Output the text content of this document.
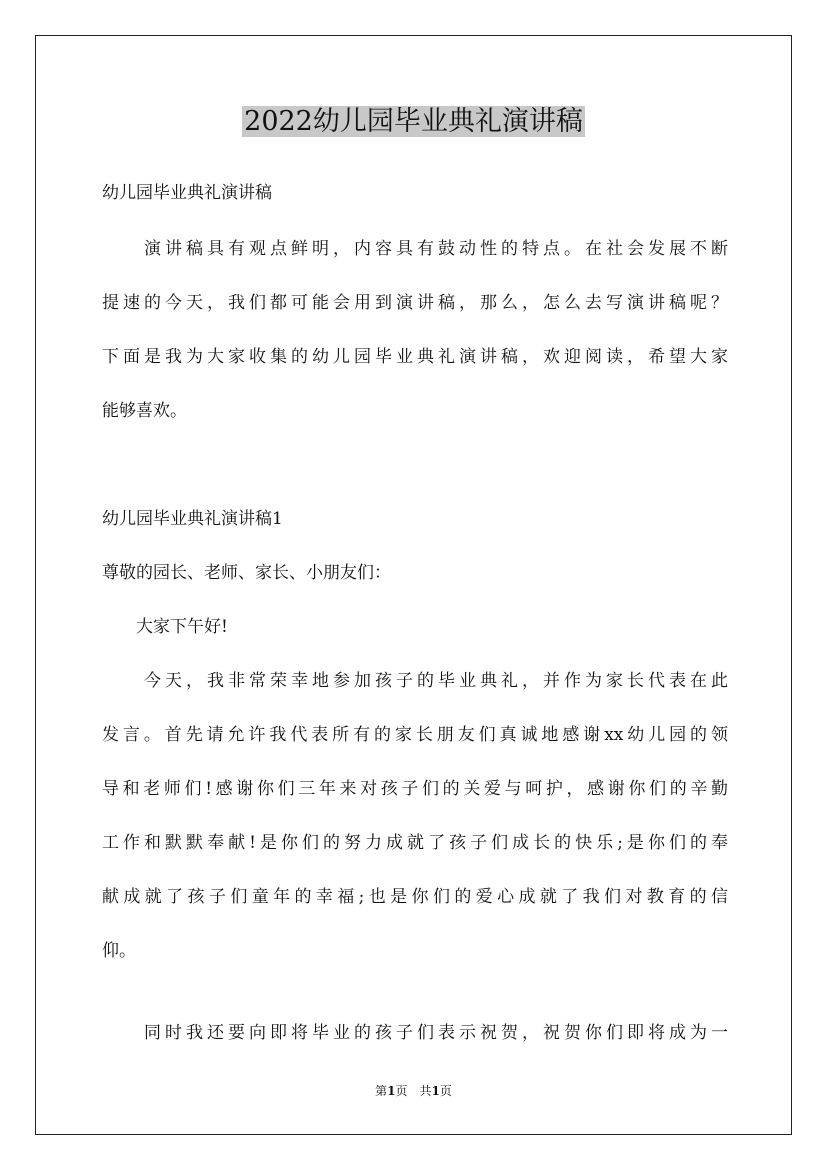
2022幼儿园毕业典礼演讲稿
幼儿园毕业典礼演讲稿
　　演讲稿具有观点鲜明，内容具有鼓动性的特点。在社会发展不断
提速的今天，我们都可能会用到演讲稿，那么，怎么去写演讲稿呢？
下面是我为大家收集的幼儿园毕业典礼演讲稿，欢迎阅读，希望大家
能够喜欢。
幼儿园毕业典礼演讲稿1
尊敬的园长、老师、家长、小朋友们：
　　大家下午好!
　　今天，我非常荣幸地参加孩子的毕业典礼，并作为家长代表在此
发言。首先请允许我代表所有的家长朋友们真诚地感谢xx幼儿园的领
导和老师们!感谢你们三年来对孩子们的关爱与呵护，感谢你们的辛勤
工作和默默奉献!是你们的努力成就了孩子们成长的快乐;是你们的奉
献成就了孩子们童年的幸福;也是你们的爱心成就了我们对教育的信
仰。
　　同时我还要向即将毕业的孩子们表示祝贺，祝贺你们即将成为一
第1页　共1页
